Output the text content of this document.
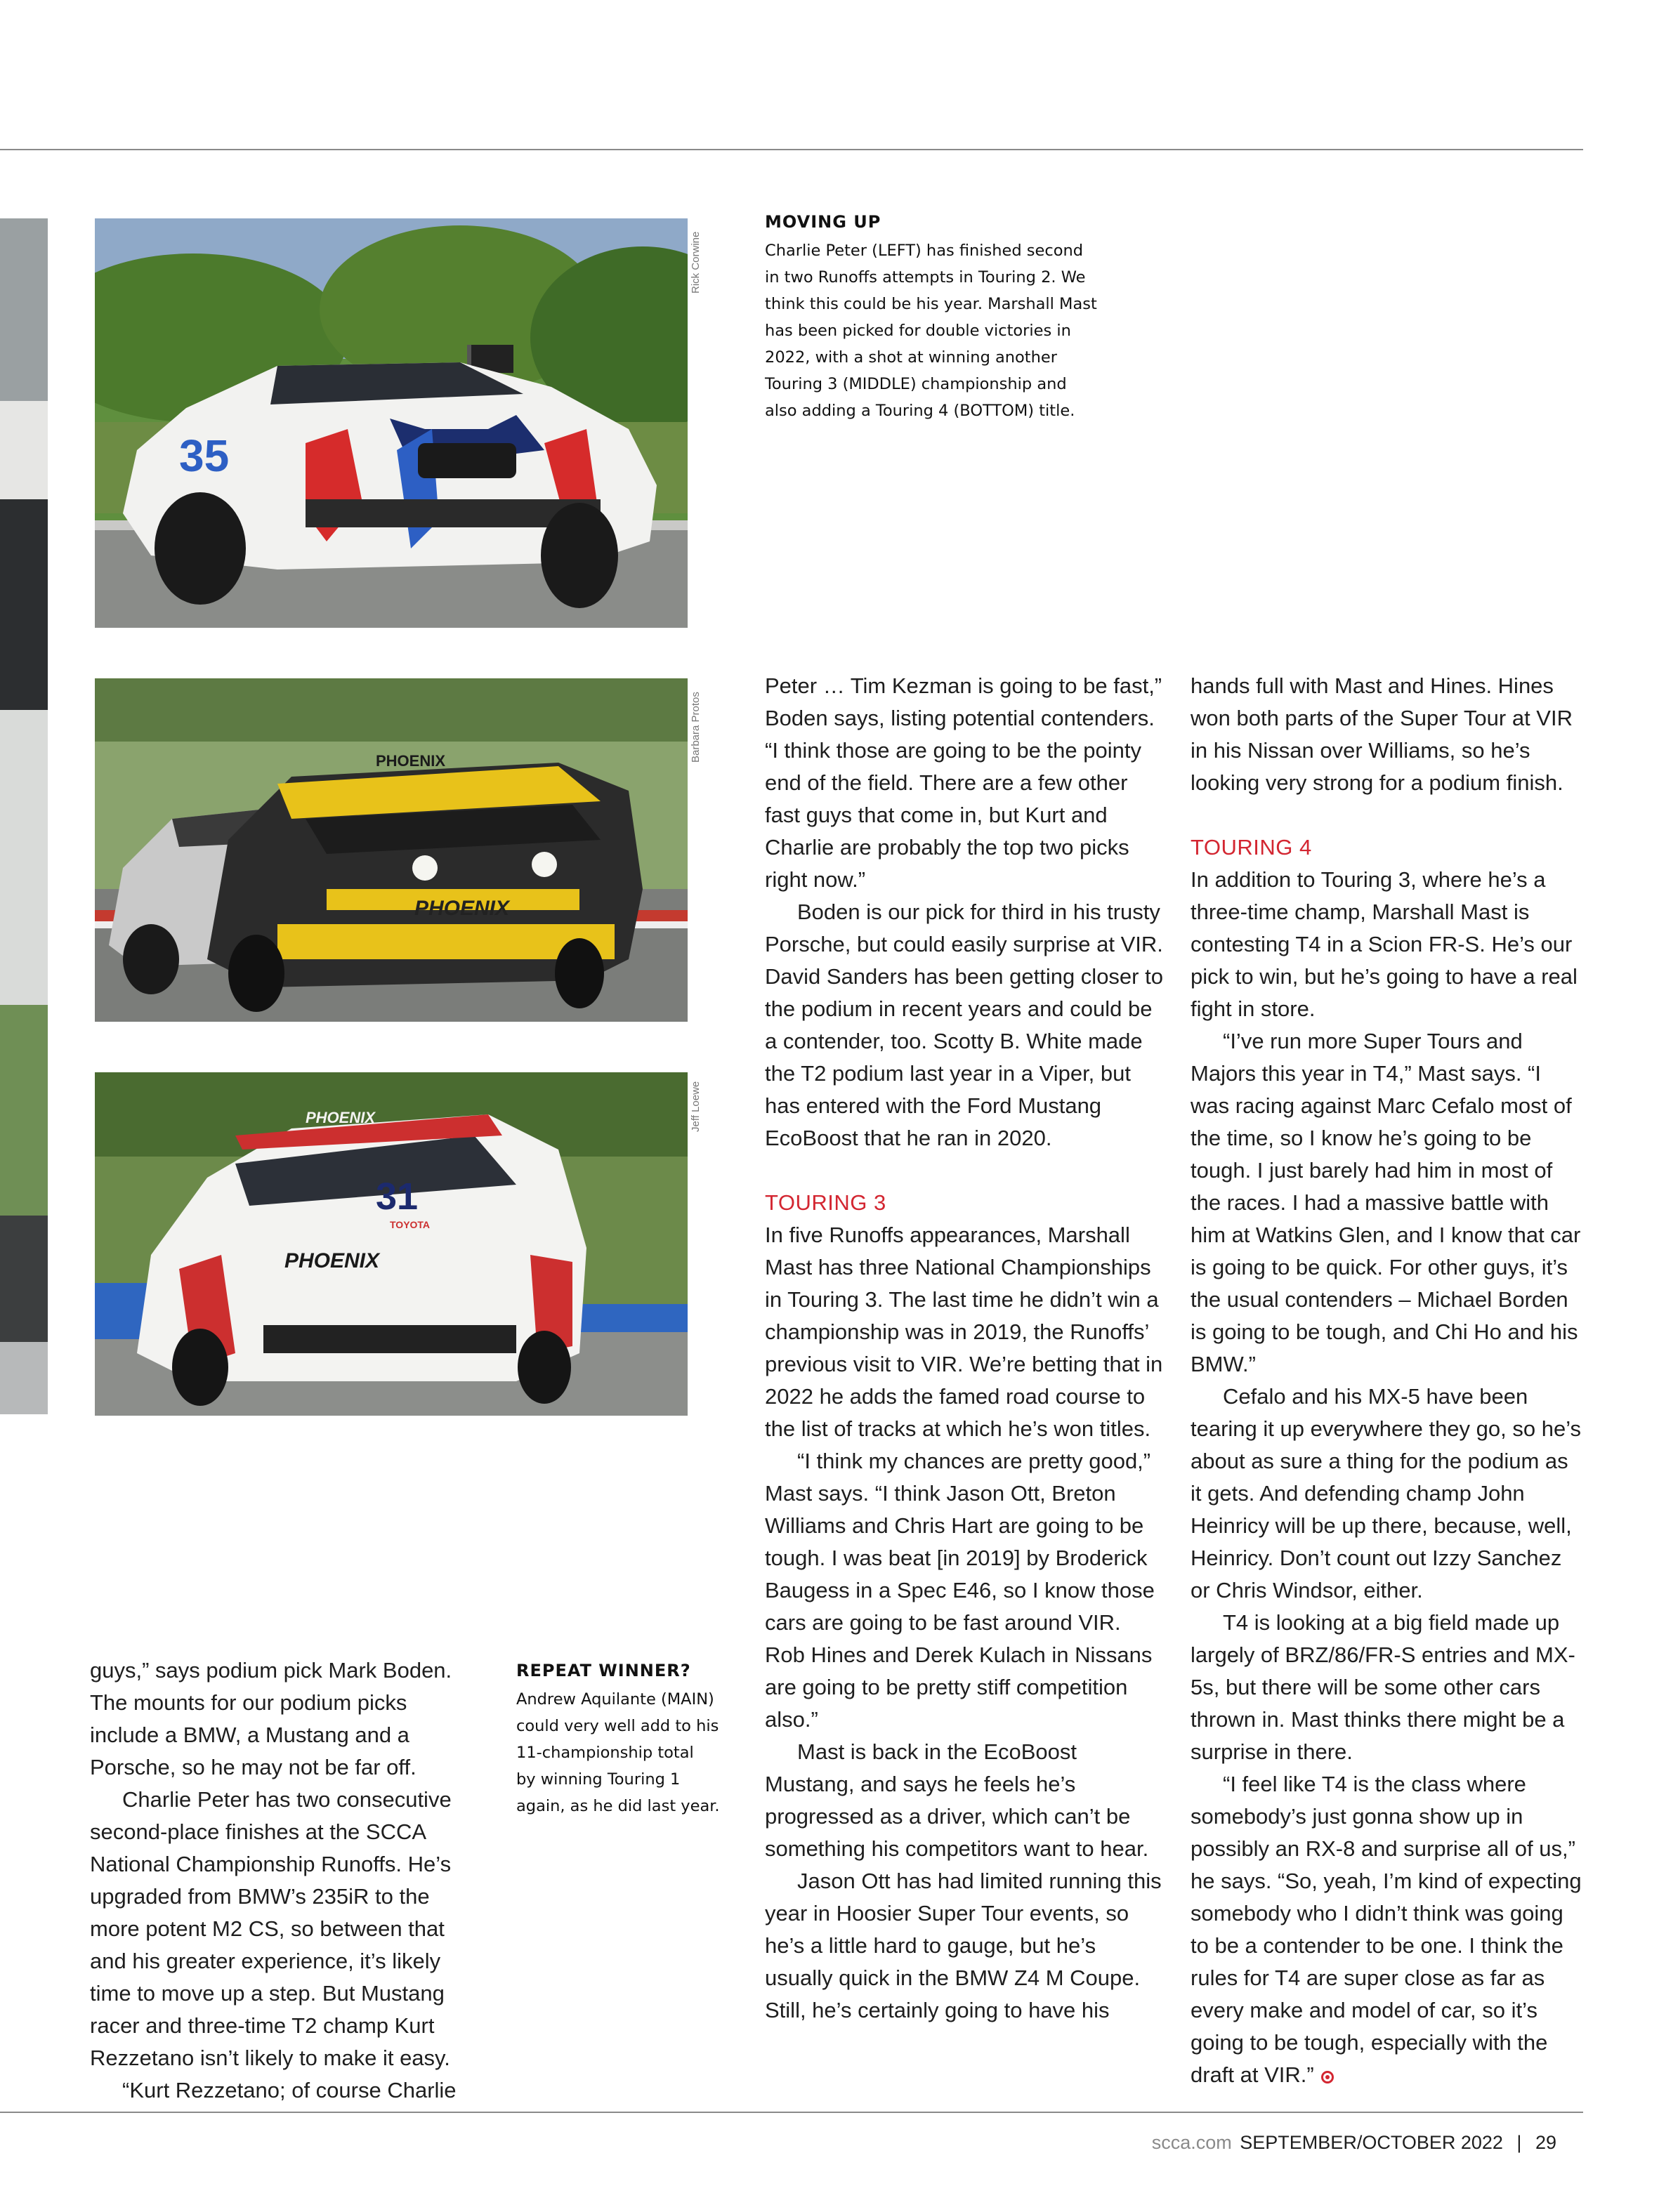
35
Rick Corwine
PHOENIX
PHOENIX
Barbara Protos
PHOENIX
31
TOYOTA
PHOENIX
Jeff Loewe
MOVING UP
Charlie Peter (LEFT) has finished second
in two Runoffs attempts in Touring 2. We
think this could be his year. Marshall Mast
has been picked for double victories in
2022, with a shot at winning another
Touring 3 (MIDDLE) championship and
also adding a Touring 4 (BOTTOM) title.
REPEAT WINNER?
Andrew Aquilante (MAIN)
could very well add to his
11-championship total
by winning Touring 1
again, as he did last year.

guys,” says podium pick Mark Boden. The mounts for our podium picks include a BMW, a Mustang and a Porsche, so he may not be far off.

Charlie Peter has two consecutive second-place finishes at the SCCA National Championship Runoffs. He’s upgraded from BMW’s 235iR to the more potent M2 CS, so between that and his greater experience, it’s likely time to move up a step. But Mustang racer and three-time T2 champ Kurt Rezzetano isn’t likely to make it easy.

“Kurt Rezzetano; of course Charlie

Peter … Tim Kezman is going to be fast,” Boden says, listing potential contenders. “I think those are going to be the pointy end of the field. There are a few other fast guys that come in, but Kurt and Charlie are probably the top two picks right now.”

Boden is our pick for third in his trusty Porsche, but could easily surprise at VIR. David Sanders has been getting closer to the podium in recent years and could be a contender, too. Scotty B. White made the T2 podium last year in a Viper, but has entered with the Ford Mustang EcoBoost that he ran in 2020.

TOURING 3

In five Runoffs appearances, Marshall Mast has three National Championships in Touring 3. The last time he didn’t win a championship was in 2019, the Runoffs’ previous visit to VIR. We’re betting that in 2022 he adds the famed road course to the list of tracks at which he’s won titles.

“I think my chances are pretty good,” Mast says. “I think Jason Ott, Breton Williams and Chris Hart are going to be tough. I was beat [in 2019] by Broderick Baugess in a Spec E46, so I know those cars are going to be fast around VIR. Rob Hines and Derek Kulach in Nissans are going to be pretty stiff competition also.”

Mast is back in the EcoBoost Mustang, and says he feels he’s progressed as a driver, which can’t be something his competitors want to hear.

Jason Ott has had limited running this year in Hoosier Super Tour events, so he’s a little hard to gauge, but he’s usually quick in the BMW Z4 M Coupe. Still, he’s certainly going to have his

hands full with Mast and Hines. Hines won both parts of the Super Tour at VIR in his Nissan over Williams, so he’s looking very strong for a podium finish.

TOURING 4

In addition to Touring 3, where he’s a three-time champ, Marshall Mast is contesting T4 in a Scion FR-S. He’s our pick to win, but he’s going to have a real fight in store.

“I’ve run more Super Tours and Majors this year in T4,” Mast says. “I was racing against Marc Cefalo most of the time, so I know he’s going to be tough. I just barely had him in most of the races. I had a massive battle with him at Watkins Glen, and I know that car is going to be quick. For other guys, it’s the usual contenders – Michael Borden is going to be tough, and Chi Ho and his BMW.”

Cefalo and his MX-5 have been tearing it up everywhere they go, so he’s about as sure a thing for the podium as it gets. And defending champ John Heinricy will be up there, because, well, Heinricy. Don’t count out Izzy Sanchez or Chris Windsor, either.

T4 is looking at a big field made up largely of BRZ/86/FR-S entries and MX-5s, but there will be some other cars thrown in. Mast thinks there might be a surprise in there.

“I feel like T4 is the class where somebody’s just gonna show up in possibly an RX-8 and surprise all of us,” he says. “So, yeah, I’m kind of expecting somebody who I didn’t think was going to be a contender to be one. I think the rules for T4 are super close as far as every make and model of car, so it’s going to be tough, especially with the draft at VIR.”

scca.com SEPTEMBER/OCTOBER 2022 | 29
